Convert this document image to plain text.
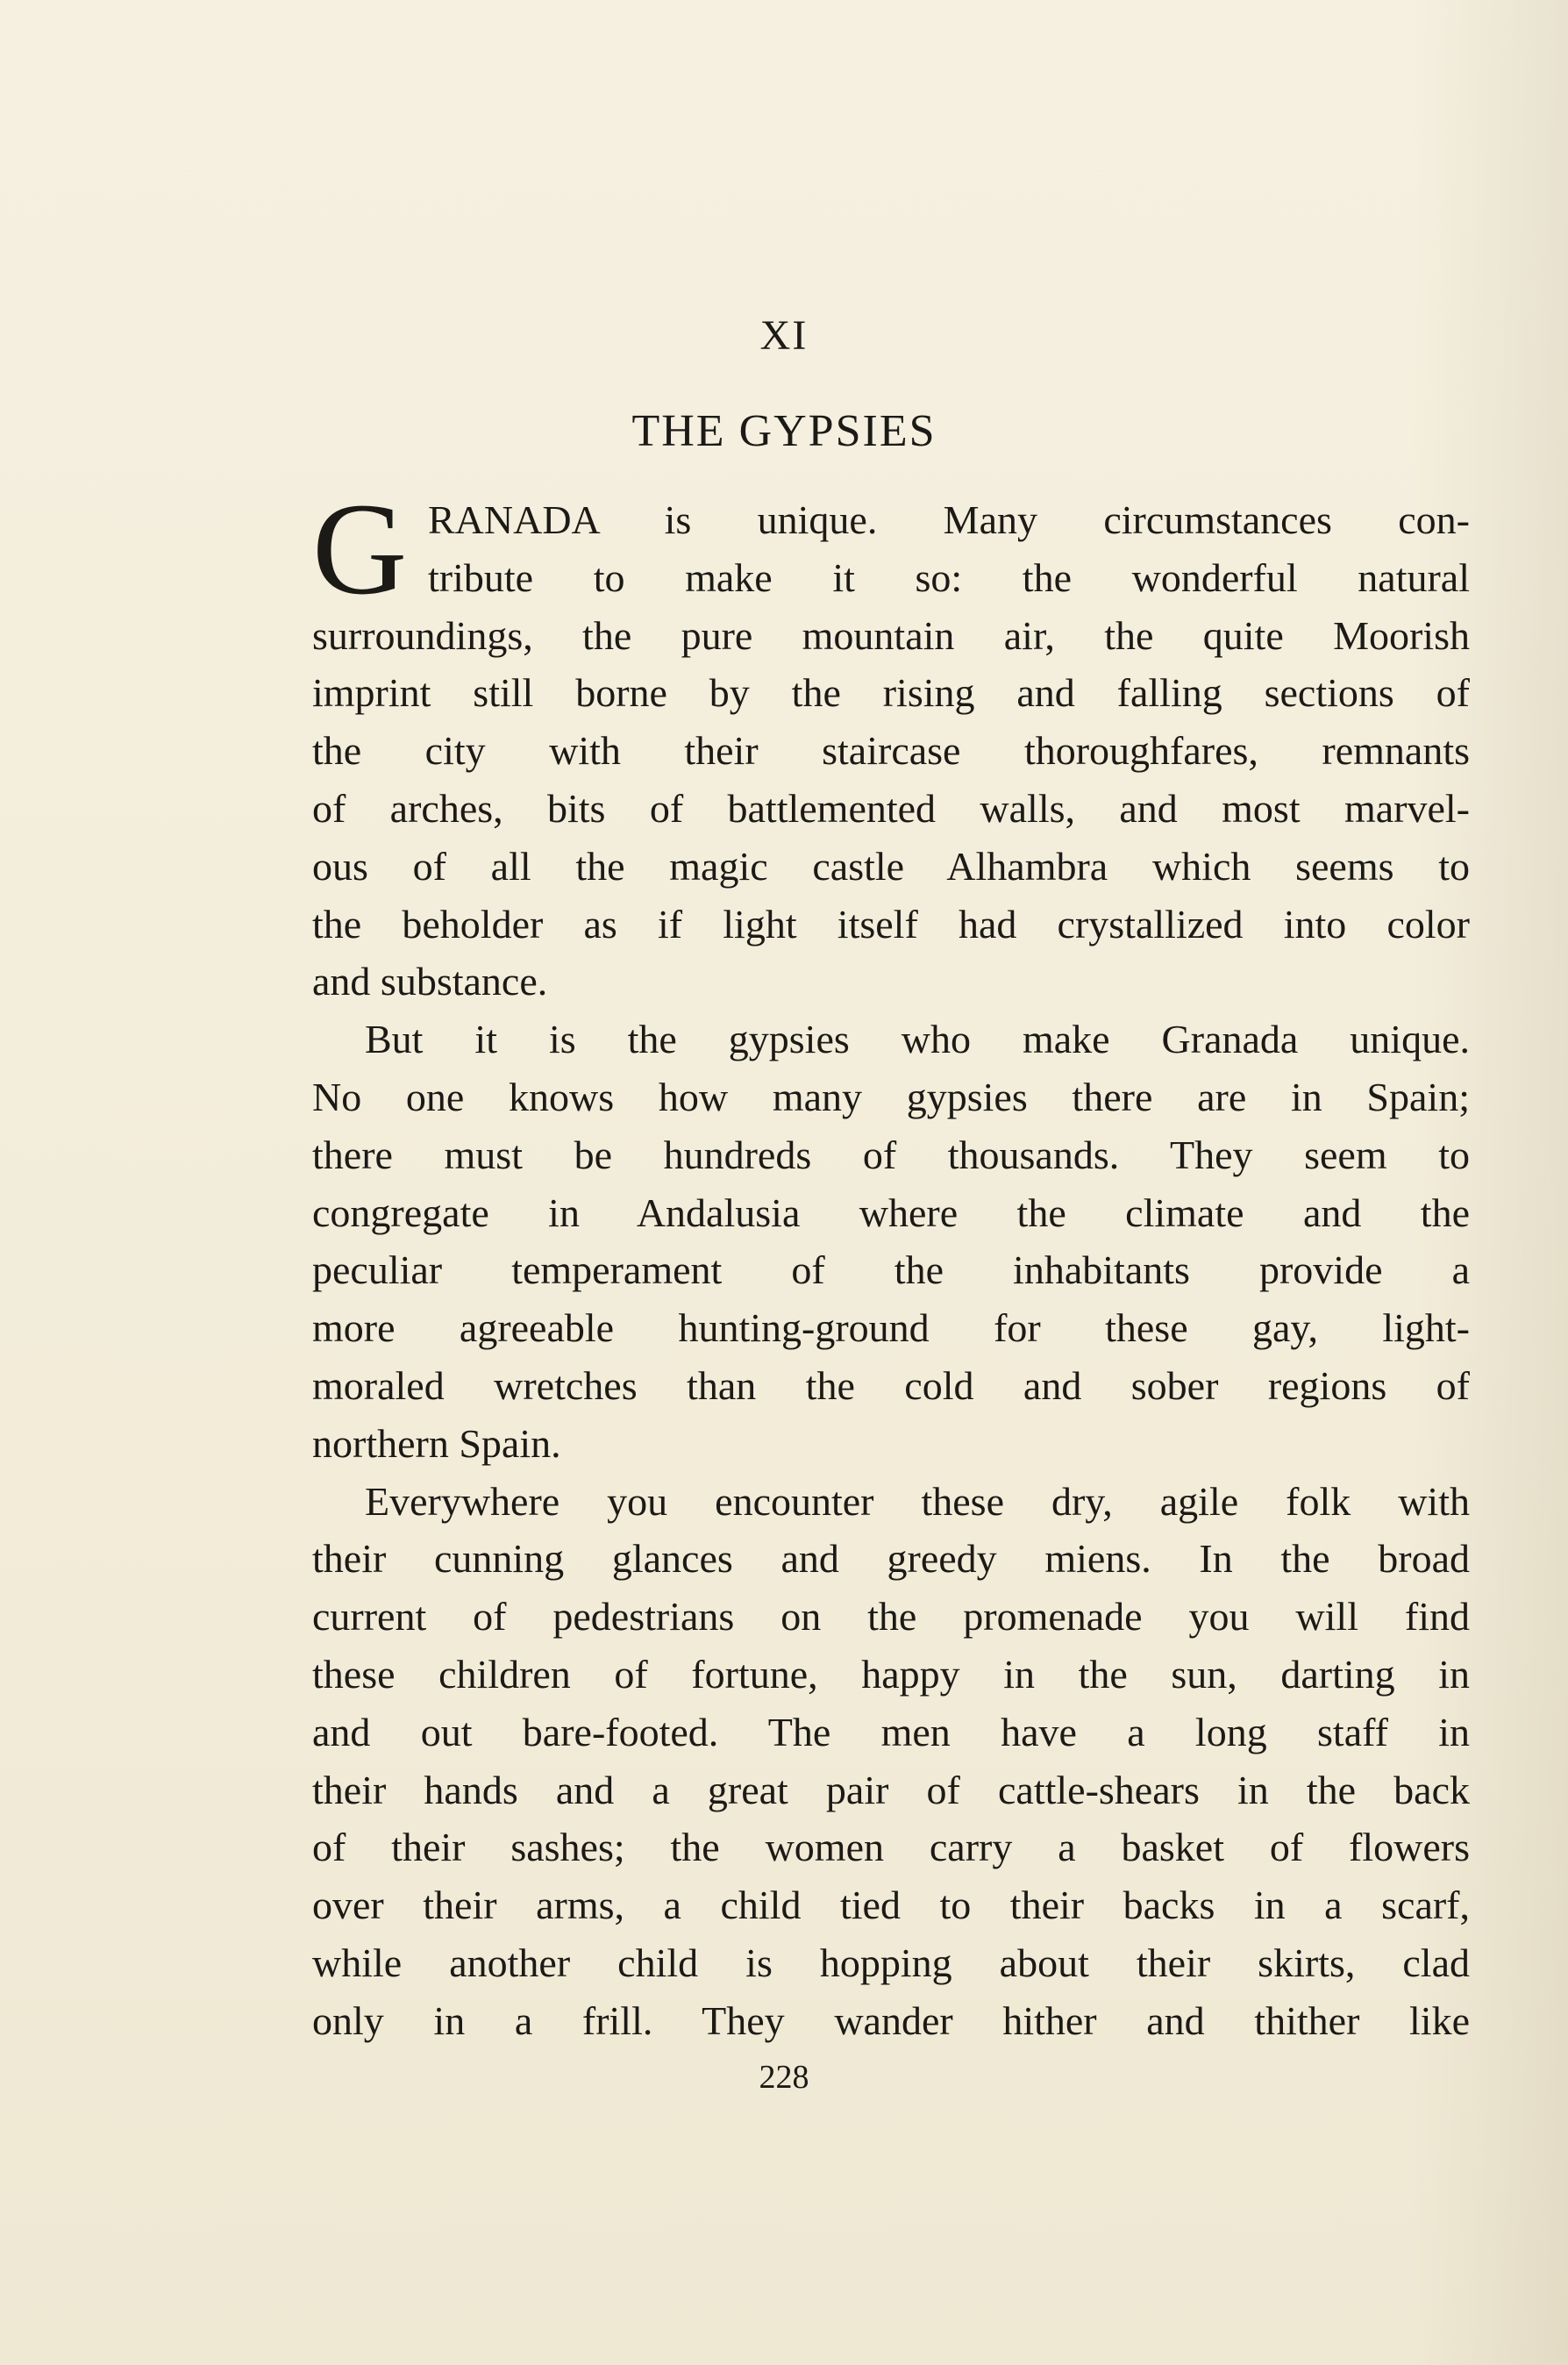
XI
THE GYPSIES
G RANADA is unique. Many circumstances con-
tribute to make it so: the wonderful natural
surroundings, the pure mountain air, the quite Moorish
imprint still borne by the rising and falling sections of
the city with their staircase thoroughfares, remnants
of arches, bits of battlemented walls, and most marvel-
ous of all the magic castle Alhambra which seems to
the beholder as if light itself had crystallized into color
and substance.
But it is the gypsies who make Granada unique.
No one knows how many gypsies there are in Spain;
there must be hundreds of thousands. They seem to
congregate in Andalusia where the climate and the
peculiar temperament of the inhabitants provide a
more agreeable hunting-ground for these gay, light-
moraled wretches than the cold and sober regions of
northern Spain.
Everywhere you encounter these dry, agile folk with
their cunning glances and greedy miens. In the broad
current of pedestrians on the promenade you will find
these children of fortune, happy in the sun, darting in
and out bare-footed. The men have a long staff in
their hands and a great pair of cattle-shears in the back
of their sashes; the women carry a basket of flowers
over their arms, a child tied to their backs in a scarf,
while another child is hopping about their skirts, clad
only in a frill. They wander hither and thither like
228
